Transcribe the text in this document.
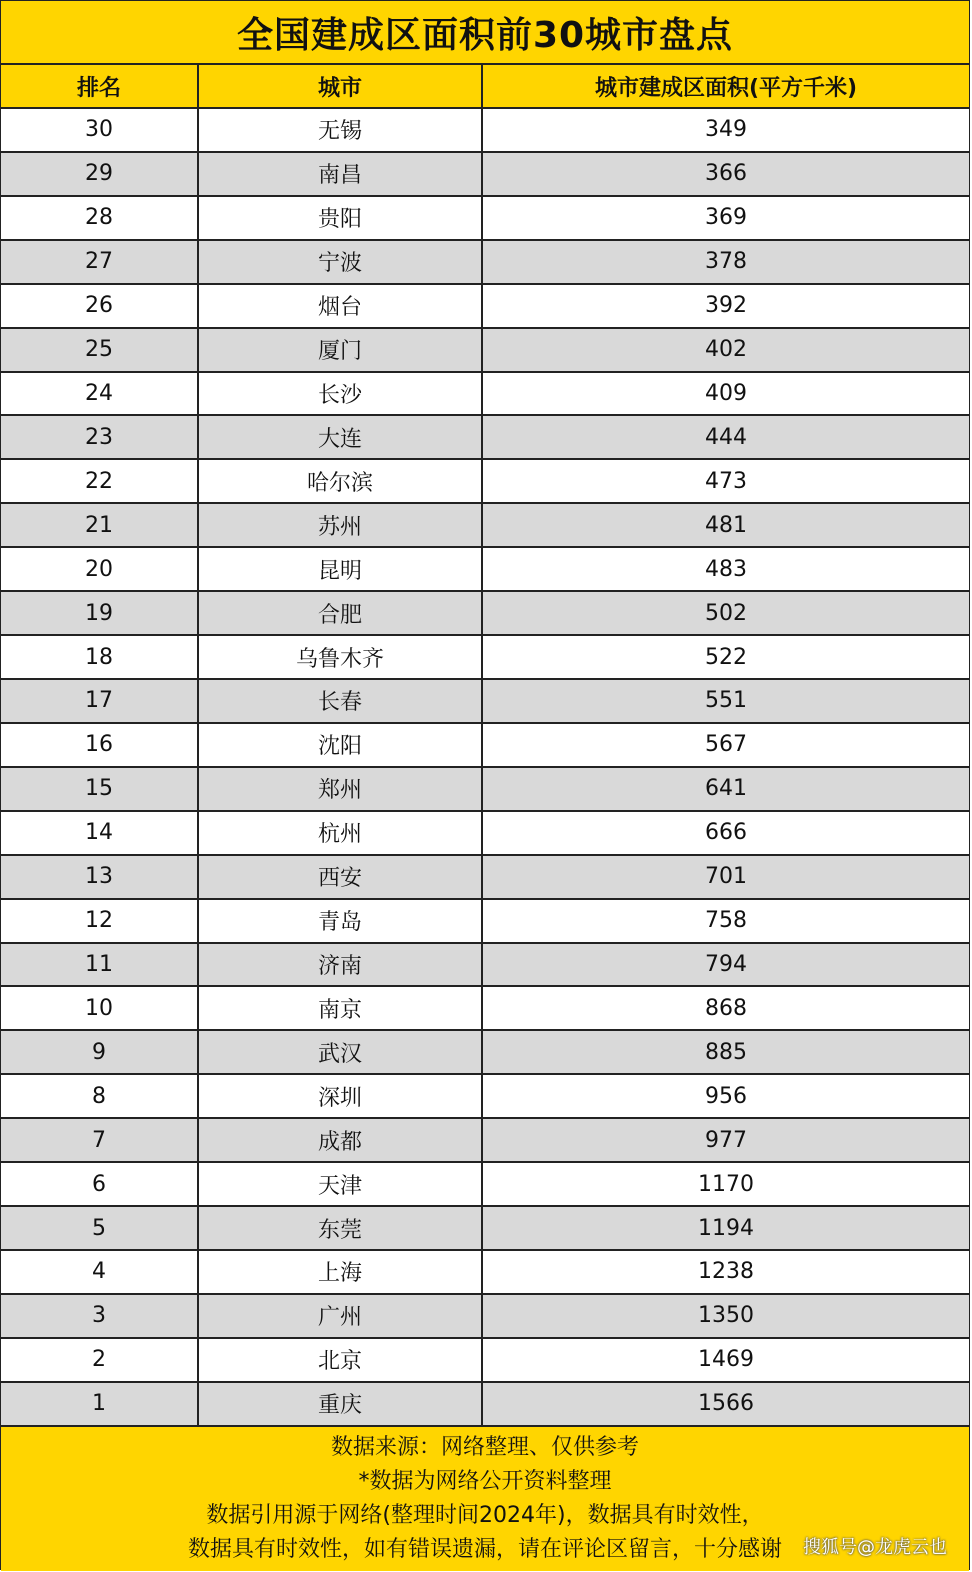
全国建成区面积前30城市盘点
排名	城市	城市建成区面积(平方千米)
30	无锡	349
29	南昌	366
28	贵阳	369
27	宁波	378
26	烟台	392
25	厦门	402
24	长沙	409
23	大连	444
22	哈尔滨	473
21	苏州	481
20	昆明	483
19	合肥	502
18	乌鲁木齐	522
17	长春	551
16	沈阳	567
15	郑州	641
14	杭州	666
13	西安	701
12	青岛	758
11	济南	794
10	南京	868
9	武汉	885
8	深圳	956
7	成都	977
6	天津	1170
5	东莞	1194
4	上海	1238
3	广州	1350
2	北京	1469
1	重庆	1566
数据来源：网络整理、仅供参考
*数据为网络公开资料整理
数据引用源于网络(整理时间2024年)，数据具有时效性，
数据具有时效性，如有错误遗漏，请在评论区留言，十分感谢	搜狐号@龙虎云也
